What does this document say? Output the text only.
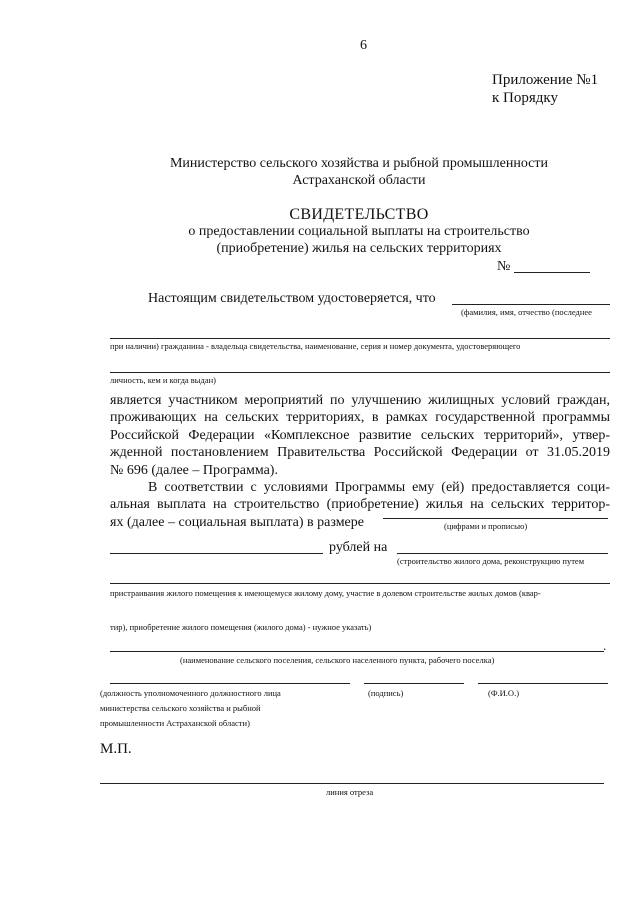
6
Приложение №1
к Порядку
Министерство сельского хозяйства и рыбной промышленности
Астраханской области
СВИДЕТЕЛЬСТВО
о предоставлении социальной выплаты на строительство
(приобретение) жилья на сельских территориях
№
Настоящим свидетельством удостоверяется, что
(фамилия, имя, отчество (последнее
при наличии) гражданина - владельца свидетельства, наименование, серия и номер документа, удостоверяющего
личность, кем и когда выдан)
является участником мероприятий по улучшению жилищных условий граждан,
проживающих на сельских территориях, в рамках государственной программы
Российской Федерации «Комплексное развитие сельских территорий», утвер-
жденной постановлением Правительства Российской Федерации от 31.05.2019
№ 696 (далее – Программа).
В соответствии с условиями Программы ему (ей) предоставляется соци-
альная выплата на строительство (приобретение) жилья на сельских территор-
ях (далее – социальная выплата) в размере	(цифрами и прописью)
рублей на
(строительство жилого дома, реконструкцию путем
пристраивания жилого помещения к имеющемуся жилому дому, участие в долевом строительстве жилых домов (квар-
тир), приобретение жилого помещения (жилого дома) - нужное указать)
.
(наименование сельского поселения, сельского населенного пункта, рабочего поселка)
(должность уполномоченного должностного лица
министерства сельского хозяйства и рыбной
промышленности Астраханской области)
(подпись)	(Ф.И.О.)
М.П.
линия отреза
